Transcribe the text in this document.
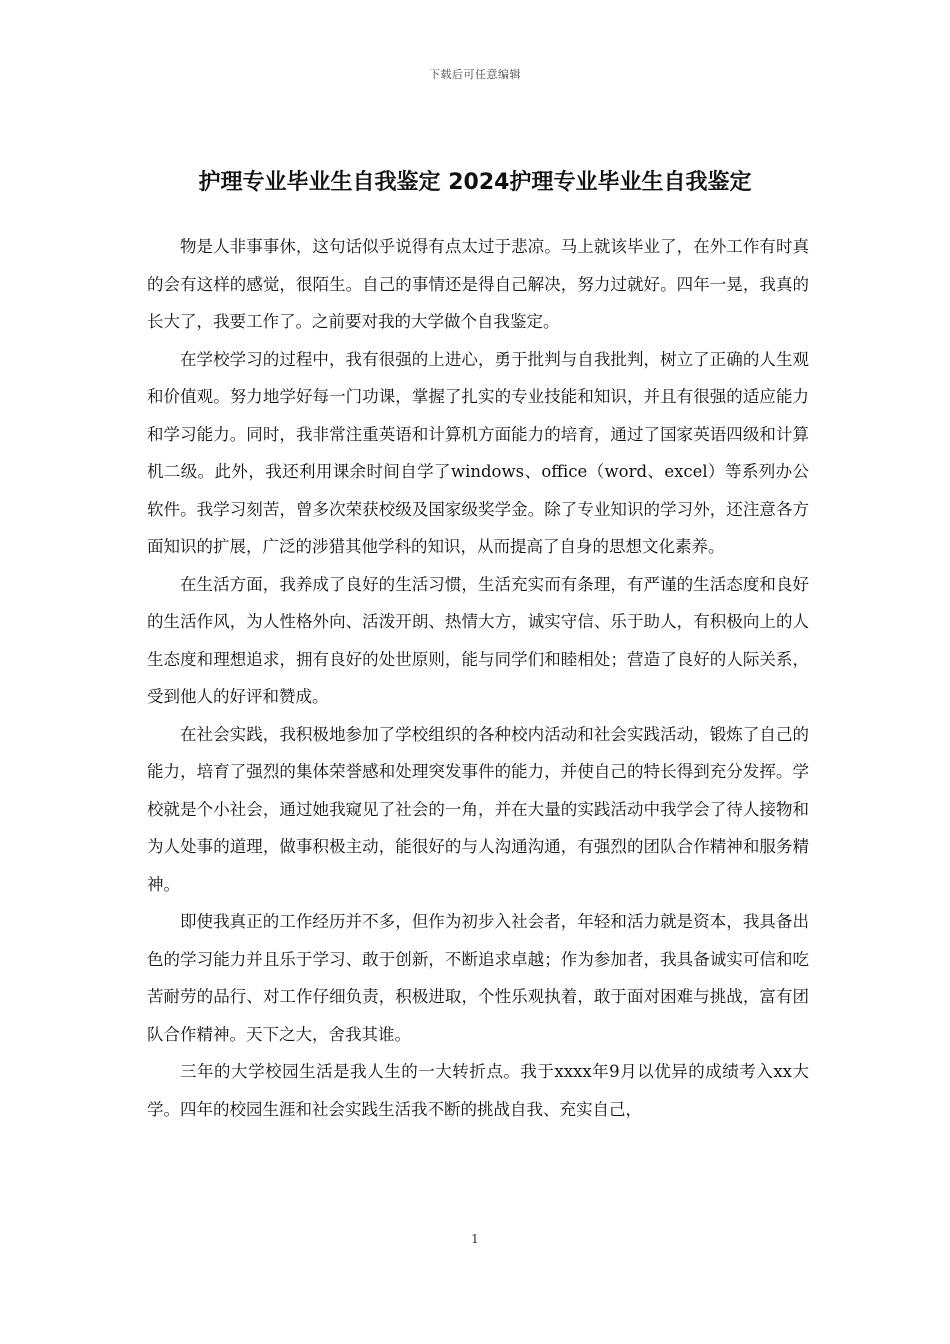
下载后可任意编辑
护理专业毕业生自我鉴定 2024护理专业毕业生自我鉴定

物是人非事事休，这句话似乎说得有点太过于悲凉。马上就该毕业了，在外工作有时真的会有这样的感觉，很陌生。自己的事情还是得自己解决，努力过就好。四年一晃，我真的长大了，我要工作了。之前要对我的大学做个自我鉴定。

在学校学习的过程中，我有很强的上进心，勇于批判与自我批判，树立了正确的人生观和价值观。努力地学好每一门功课，掌握了扎实的专业技能和知识，并且有很强的适应能力和学习能力。同时，我非常注重英语和计算机方面能力的培育，通过了国家英语四级和计算机二级。此外，我还利用课余时间自学了windows、office（word、excel）等系列办公软件。我学习刻苦，曾多次荣获校级及国家级奖学金。除了专业知识的学习外，还注意各方面知识的扩展，广泛的涉猎其他学科的知识，从而提高了自身的思想文化素养。

在生活方面，我养成了良好的生活习惯，生活充实而有条理，有严谨的生活态度和良好的生活作风，为人性格外向、活泼开朗、热情大方，诚实守信、乐于助人，有积极向上的人生态度和理想追求，拥有良好的处世原则，能与同学们和睦相处；营造了良好的人际关系，受到他人的好评和赞成。

在社会实践，我积极地参加了学校组织的各种校内活动和社会实践活动，锻炼了自己的能力，培育了强烈的集体荣誉感和处理突发事件的能力，并使自己的特长得到充分发挥。学校就是个小社会，通过她我窥见了社会的一角，并在大量的实践活动中我学会了待人接物和为人处事的道理，做事积极主动，能很好的与人沟通沟通，有强烈的团队合作精神和服务精神。

即使我真正的工作经历并不多，但作为初步入社会者，年轻和活力就是资本，我具备出色的学习能力并且乐于学习、敢于创新，不断追求卓越；作为参加者，我具备诚实可信和吃苦耐劳的品行、对工作仔细负责，积极进取，个性乐观执着，敢于面对困难与挑战，富有团队合作精神。天下之大，舍我其谁。

三年的大学校园生活是我人生的一大转折点。我于xxxx年9月以优异的成绩考入xx大学。四年的校园生涯和社会实践生活我不断的挑战自我、充实自己，

1
